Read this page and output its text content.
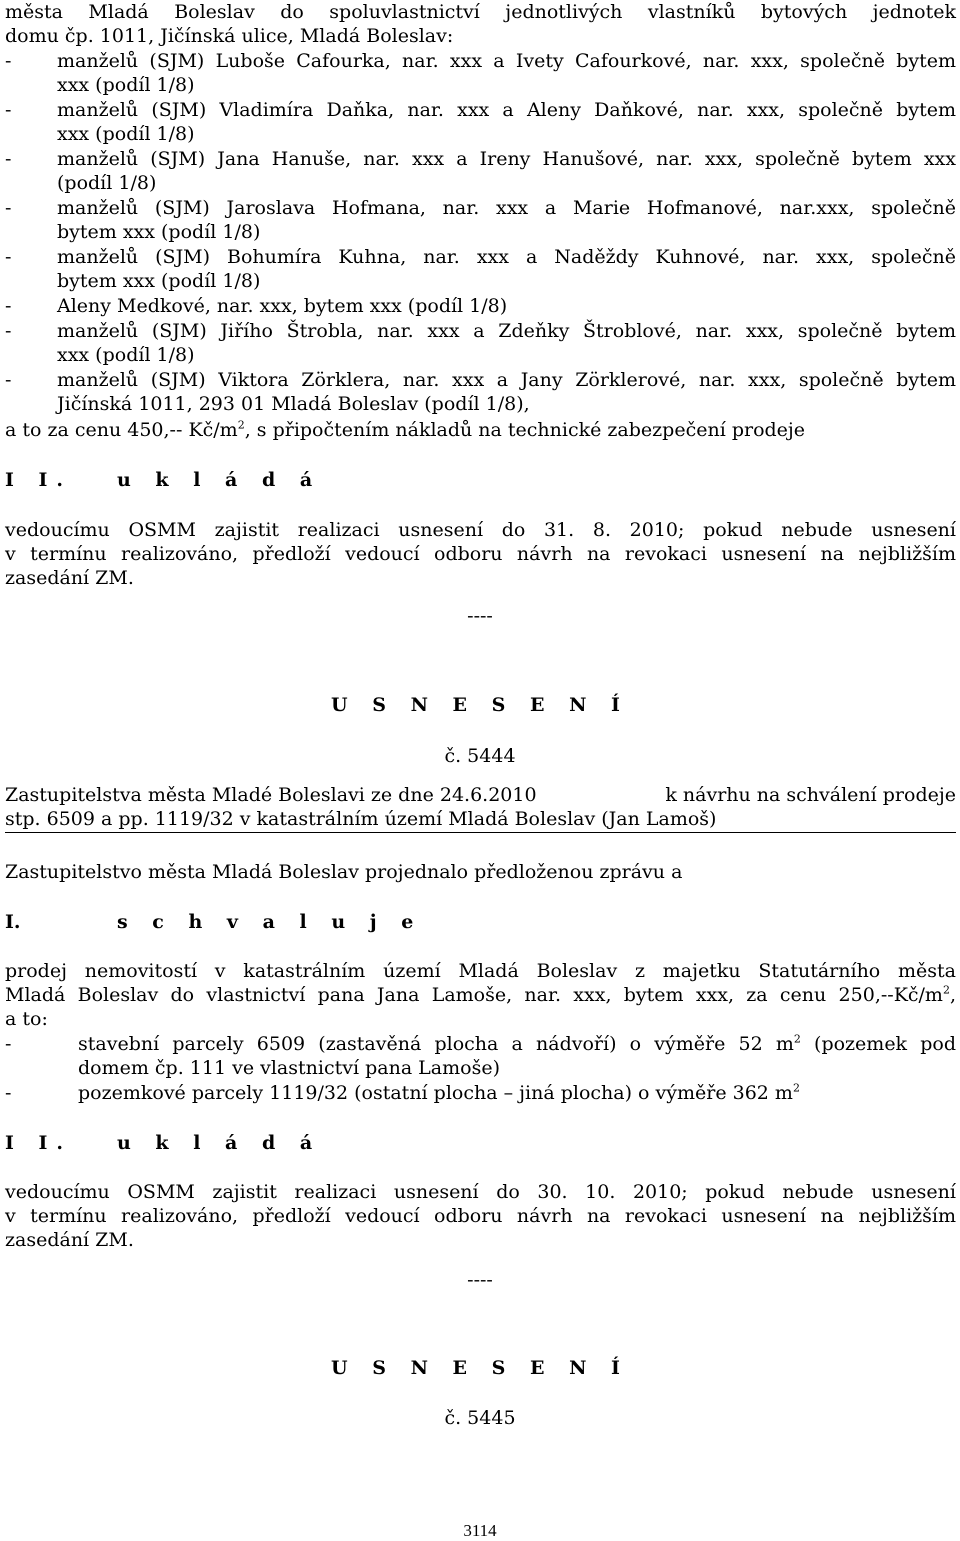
města Mladá Boleslav do spoluvlastnictví jednotlivých vlastníků bytových jednotek
domu čp. 1011, Jičínská ulice, Mladá Boleslav:
- manželů (SJM) Luboše Cafourka, nar. xxx a Ivety Cafourkové, nar. xxx, společně bytem
xxx (podíl 1/8)
- manželů (SJM) Vladimíra Daňka, nar. xxx a Aleny Daňkové, nar. xxx, společně bytem
xxx (podíl 1/8)
- manželů (SJM) Jana Hanuše, nar. xxx a Ireny Hanušové, nar. xxx, společně bytem xxx
(podíl 1/8)
- manželů (SJM) Jaroslava Hofmana, nar. xxx a Marie Hofmanové, nar.xxx, společně
bytem xxx (podíl 1/8)
- manželů (SJM) Bohumíra Kuhna, nar. xxx a Naděždy Kuhnové, nar. xxx, společně
bytem xxx (podíl 1/8)
- Aleny Medkové, nar. xxx, bytem xxx (podíl 1/8)
- manželů (SJM) Jiřího Štrobla, nar. xxx a Zdeňky Štroblové, nar. xxx, společně bytem
xxx (podíl 1/8)
- manželů (SJM) Viktora Zörklera, nar. xxx a Jany Zörklerové, nar. xxx, společně bytem
Jičínská 1011, 293 01 Mladá Boleslav (podíl 1/8),
a to za cenu 450,-- $Kč/m^2$, s připočtením nákladů na technické zabezpečení prodeje
I I. u k l á d á
vedoucímu OSMM zajistit realizaci usnesení do 31. 8. 2010; pokud nebude usnesení
v termínu realizováno, předloží vedoucí odboru návrh na revokaci usnesení na nejbližším
zasedání ZM.
----
U S N E S E N Í
č. 5444
Zastupitelstva města Mladé Boleslavi ze dne 24.6.2010	k návrhu na schválení prodeje
stp. 6509 a pp. 1119/32 v katastrálním území Mladá Boleslav (Jan Lamoš)
Zastupitelstvo města Mladá Boleslav projednalo předloženou zprávu a
I.	s c h v a l u j e
prodej nemovitostí v katastrálním území Mladá Boleslav z majetku Statutárního města
Mladá Boleslav do vlastnictví pana Jana Lamoše, nar. xxx, bytem xxx, za cenu $250,--Kč/m^2$,
a to:
-	stavební parcely 6509 (zastavěná plocha a nádvoří) o výměře 52 $m^2$ (pozemek pod
domem čp. 111 ve vlastnictví pana Lamoše)
-	pozemkové parcely 1119/32 (ostatní plocha – jiná plocha) o výměře 362 $m^2$
I I. u k l á d á
vedoucímu OSMM zajistit realizaci usnesení do 30. 10. 2010; pokud nebude usnesení
v termínu realizováno, předloží vedoucí odboru návrh na revokaci usnesení na nejbližším
zasedání ZM.
----
U S N E S E N Í
č. 5445
3114
